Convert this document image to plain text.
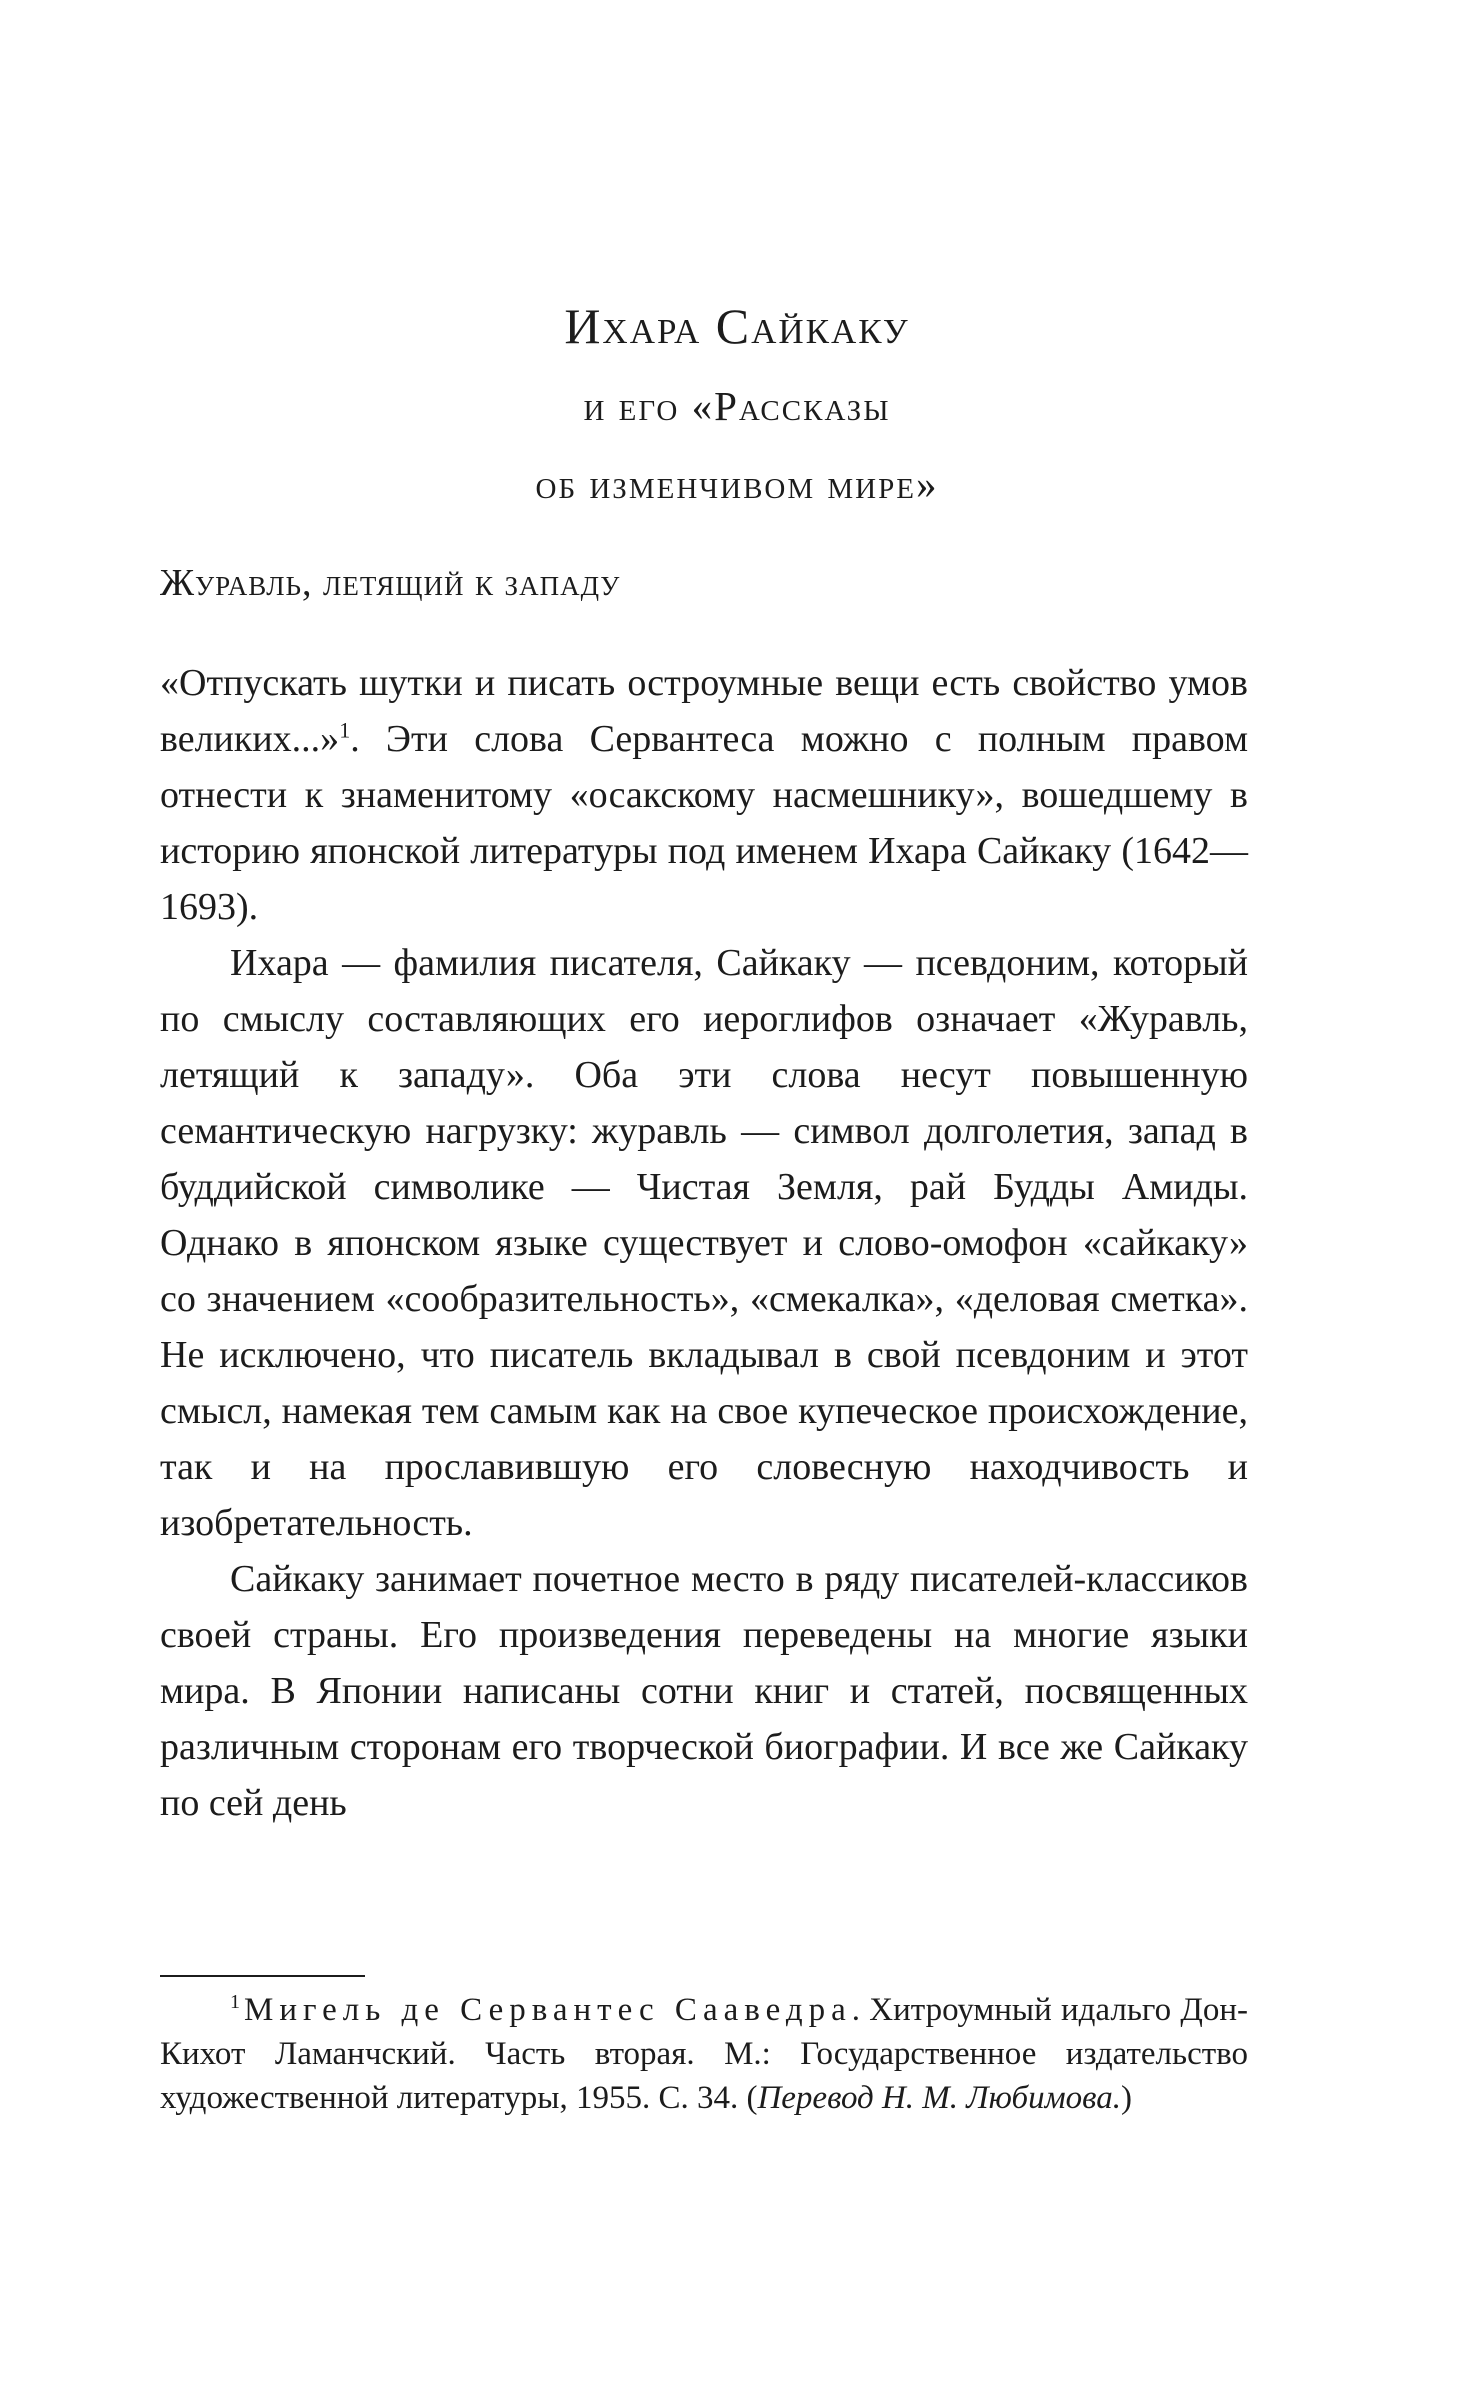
Ихара Сайкаку
и его «Рассказы
об изменчивом мире»
Журавль, летящий к западу

«Отпускать шутки и писать остроумные вещи есть свойство умов великих...»$^1$. Эти слова Сервантеса можно с полным правом отнести к знаменитому «осакскому насмешнику», вошедшему в историю японской литературы под именем Ихара Сайкаку (1642—1693).

Ихара — фамилия писателя, Сайкаку — псевдоним, который по смыслу составляющих его иероглифов означает «Журавль, летящий к западу». Оба эти слова несут повышенную семантическую нагрузку: журавль — символ долголетия, запад в буддийской символике — Чистая Земля, рай Будды Амиды. Однако в японском языке существует и слово-омофон «сайкаку» со значением «сообразительность», «смекалка», «деловая сметка». Не исключено, что писатель вкладывал в свой псевдоним и этот смысл, намекая тем самым как на свое купеческое происхождение, так и на прославившую его словесную находчивость и изобретательность.

Сайкаку занимает почетное место в ряду писателей-классиков своей страны. Его произведения переведены на многие языки мира. В Японии написаны сотни книг и статей, посвященных различным сторонам его творческой биографии. И все же Сайкаку по сей день

$^1$ Мигель де Сервантес Сааведра. Хитроумный идальго Дон-Кихот Ламанчский. Часть вторая. М.: Государственное издательство художественной литературы, 1955. С. 34. (Перевод Н. М. Любимова.)
